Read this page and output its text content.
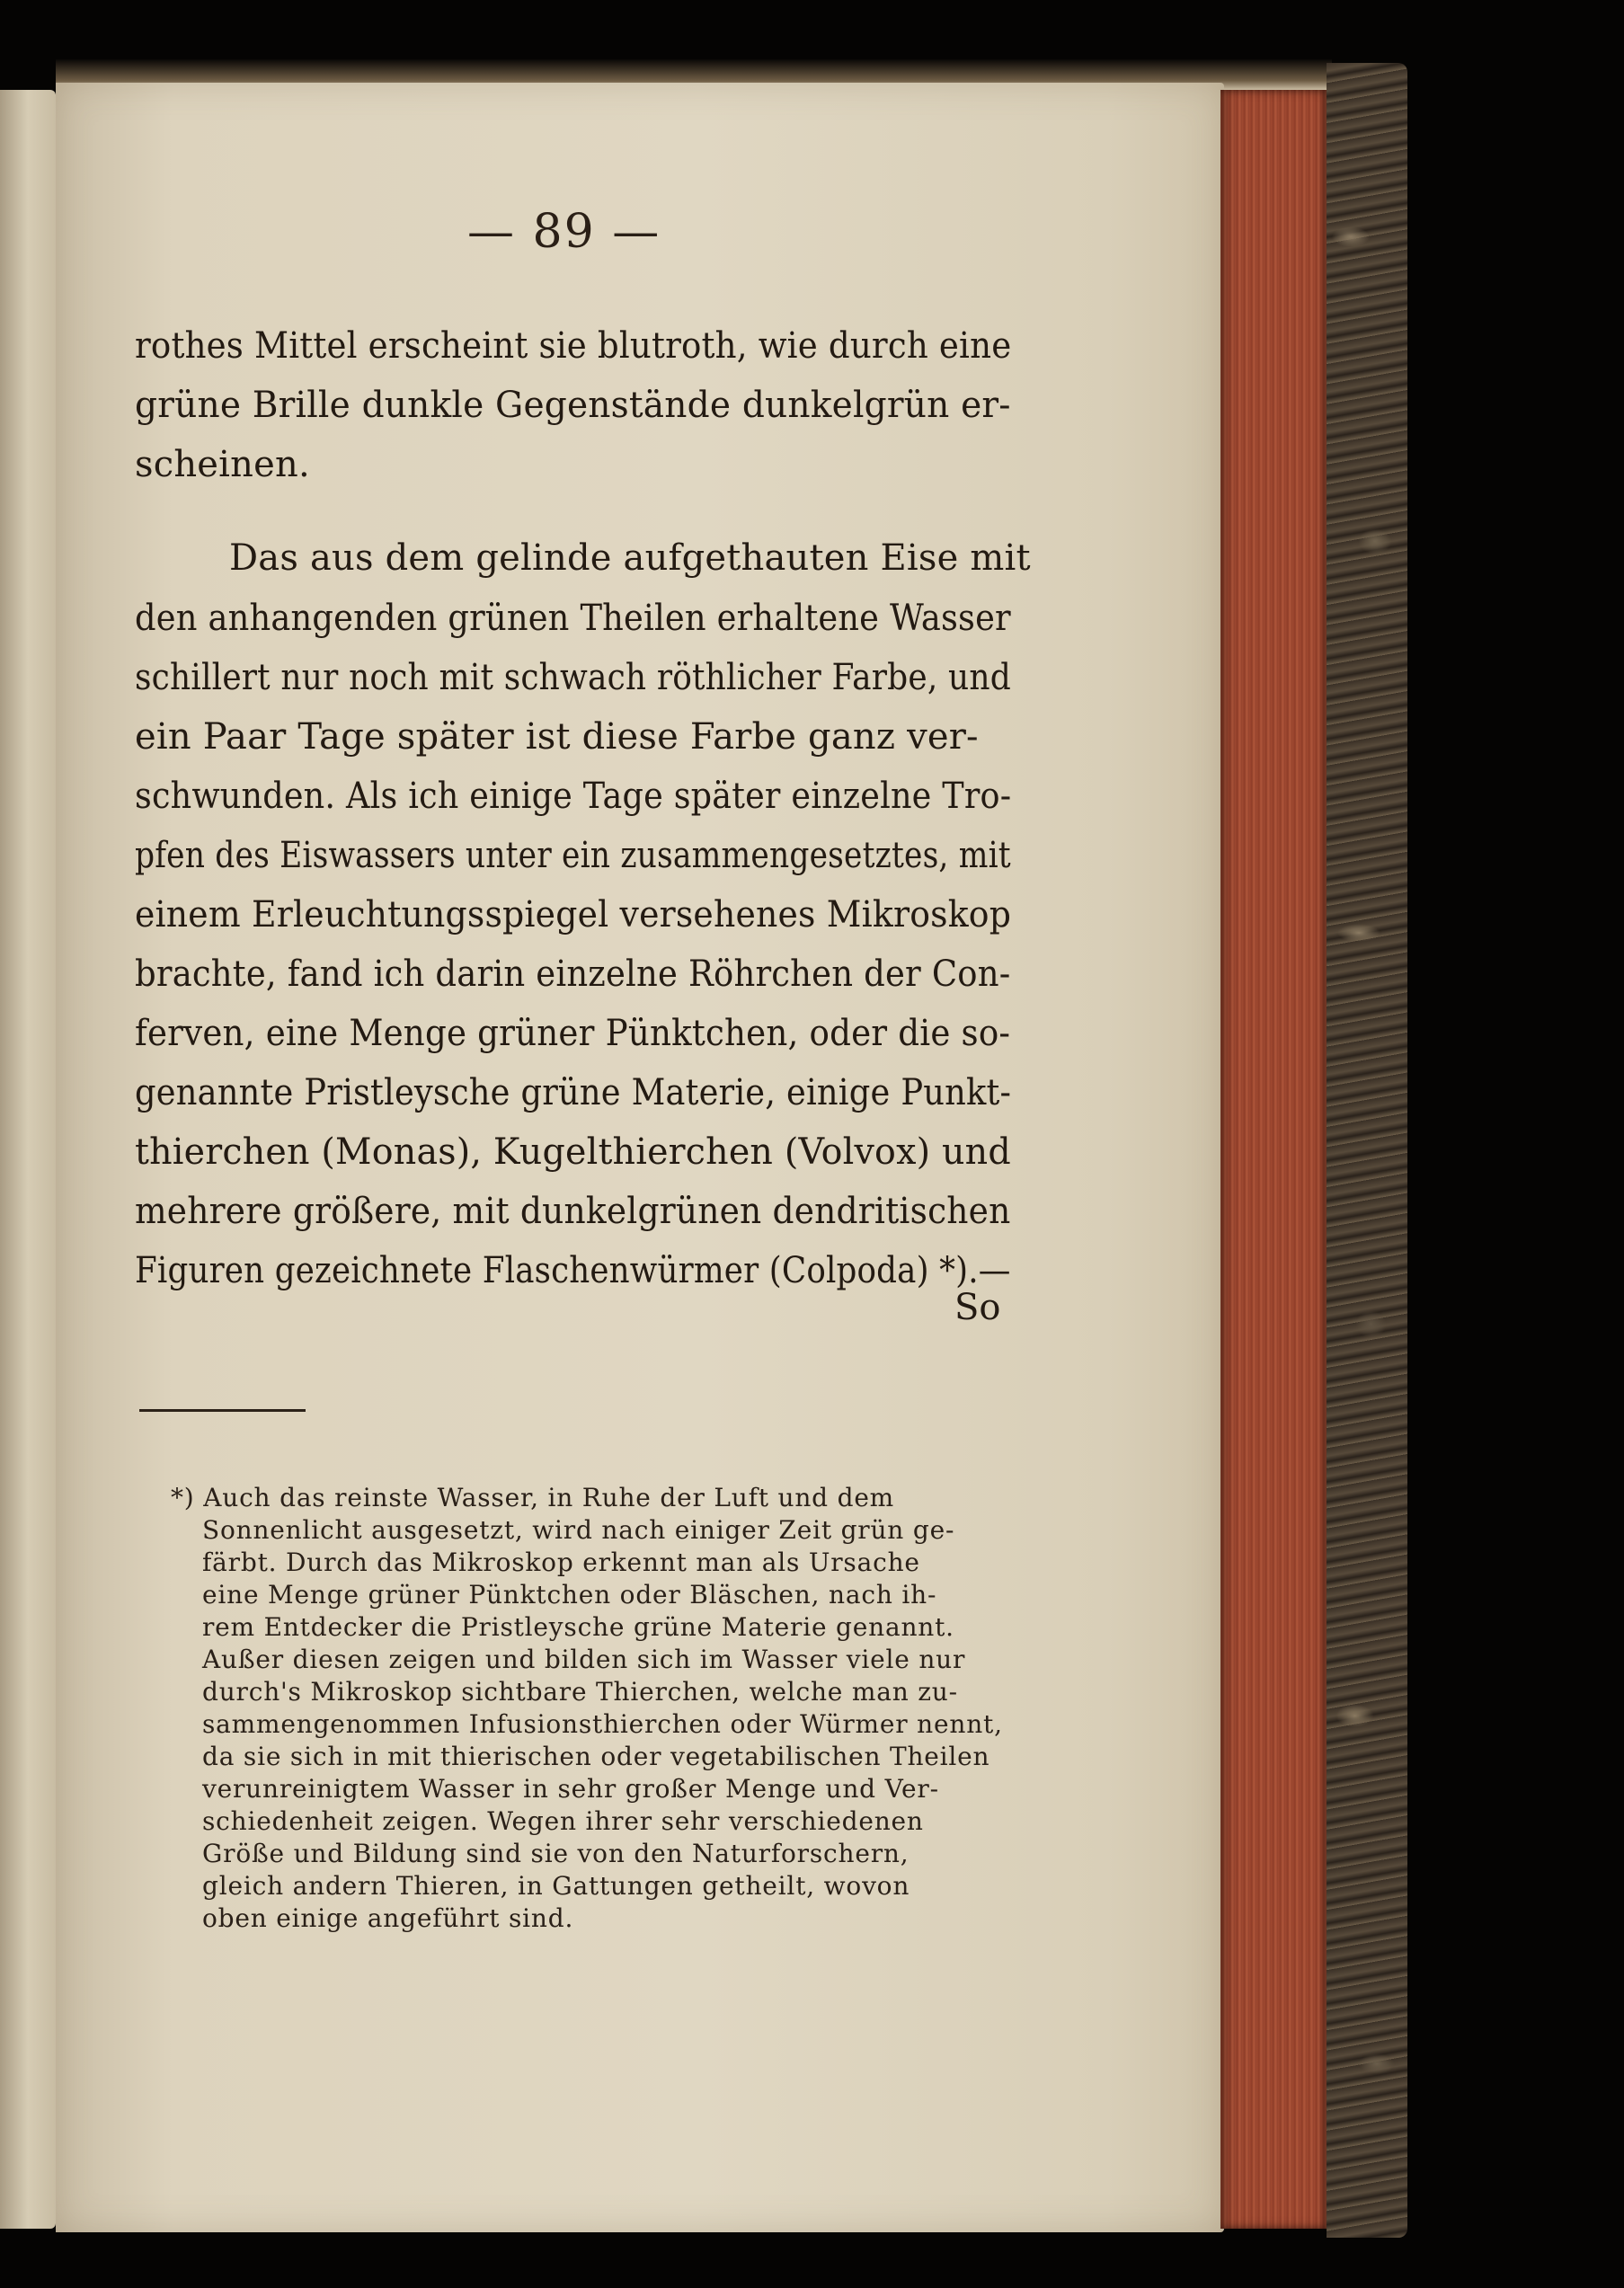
— 89 —
rothes Mittel erscheint sie blutroth, wie durch eine
grüne Brille dunkle Gegenstände dunkelgrün er-
scheinen.
Das aus dem gelinde aufgethauten Eise mit
den anhangenden grünen Theilen erhaltene Wasser
schillert nur noch mit schwach röthlicher Farbe, und
ein Paar Tage später ist diese Farbe ganz ver-
schwunden. Als ich einige Tage später einzelne Tro-
pfen des Eiswassers unter ein zusammengesetztes, mit
einem Erleuchtungsspiegel versehenes Mikroskop
brachte, fand ich darin einzelne Röhrchen der Con-
ferven, eine Menge grüner Pünktchen, oder die so-
genannte Pristleysche grüne Materie, einige Punkt-
thierchen (Monas), Kugelthierchen (Volvox) und
mehrere größere, mit dunkelgrünen dendritischen
Figuren gezeichnete Flaschenwürmer (Colpoda) *).—
So
*) Auch das reinste Wasser, in Ruhe der Luft und dem
Sonnenlicht ausgesetzt, wird nach einiger Zeit grün ge-
färbt. Durch das Mikroskop erkennt man als Ursache
eine Menge grüner Pünktchen oder Bläschen, nach ih-
rem Entdecker die Pristleysche grüne Materie genannt.
Außer diesen zeigen und bilden sich im Wasser viele nur
durch's Mikroskop sichtbare Thierchen, welche man zu-
sammengenommen Infusionsthierchen oder Würmer nennt,
da sie sich in mit thierischen oder vegetabilischen Theilen
verunreinigtem Wasser in sehr großer Menge und Ver-
schiedenheit zeigen. Wegen ihrer sehr verschiedenen
Größe und Bildung sind sie von den Naturforschern,
gleich andern Thieren, in Gattungen getheilt, wovon
oben einige angeführt sind.
